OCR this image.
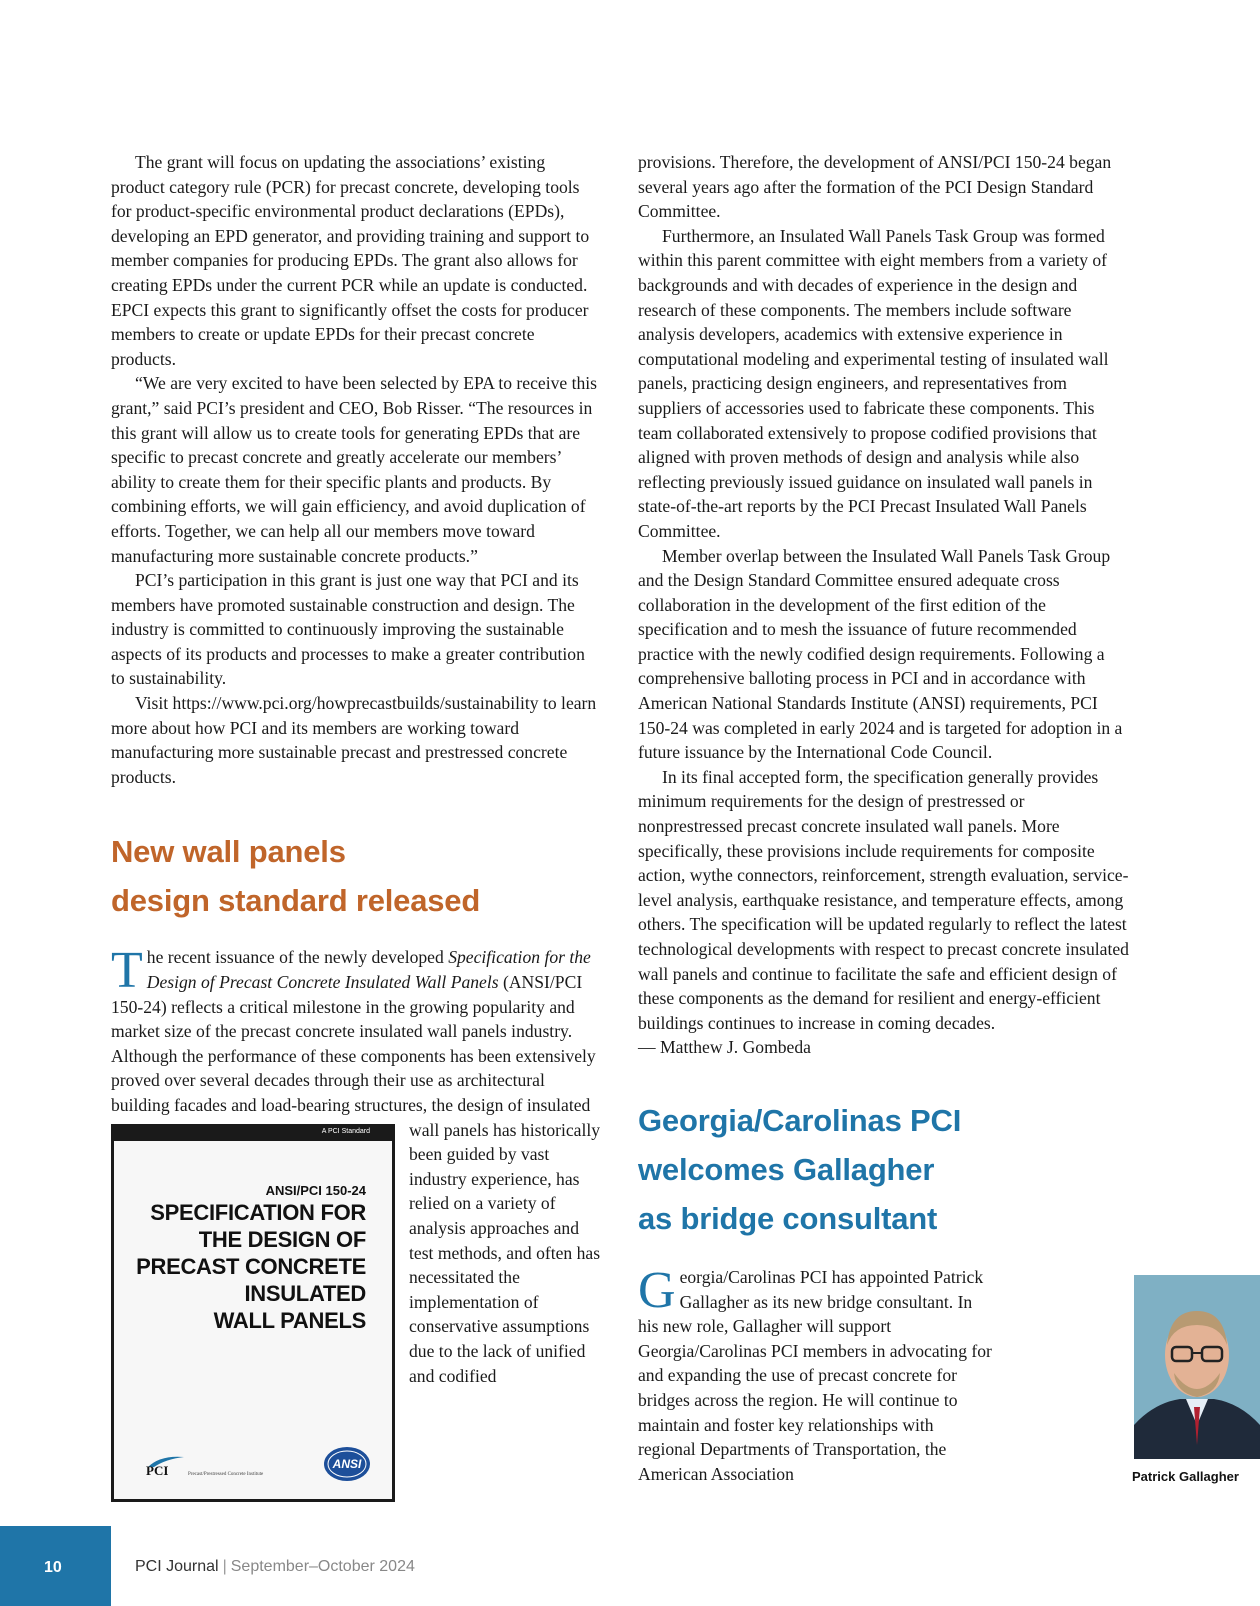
The grant will focus on updating the associations’ existing product category rule (PCR) for precast concrete, developing tools for product-specific environmental product declarations (EPDs), developing an EPD generator, and providing training and support to member companies for producing EPDs. The grant also allows for creating EPDs under the current PCR while an update is conducted. EPCI expects this grant to significantly offset the costs for producer members to create or update EPDs for their precast concrete products.

“We are very excited to have been selected by EPA to receive this grant,” said PCI’s president and CEO, Bob Risser. “The resources in this grant will allow us to create tools for generating EPDs that are specific to precast concrete and greatly accelerate our members’ ability to create them for their specific plants and products. By combining efforts, we will gain efficiency, and avoid duplication of efforts. Together, we can help all our members move toward manufacturing more sustainable concrete products.”

PCI’s participation in this grant is just one way that PCI and its members have promoted sustainable construction and design. The industry is committed to continuously improving the sustainable aspects of its products and processes to make a greater contribution to sustainability.

Visit https://www.pci.org/howprecastbuilds/sustainability to learn more about how PCI and its members are working toward manufacturing more sustainable precast and prestressed concrete products.

New wall panels
design standard released

The recent issuance of the newly developed Specification for the Design of Precast Concrete Insulated Wall Panels (ANSI/PCI 150-24) reflects a critical milestone in the growing popularity and market size of the precast concrete insulated wall panels industry. Although the performance of these components has been extensively proved over several decades through their use as architectural building facades and load-bearing structures, the design of insulated
wall panels has historically been guided by vast industry experience, has relied on a variety of analysis approaches and test methods, and often has necessitated the implementation of conservative assumptions due to the lack of unified and codified

provisions. Therefore, the development of ANSI/PCI 150-24 began several years ago after the formation of the PCI Design Standard Committee.

Furthermore, an Insulated Wall Panels Task Group was formed within this parent committee with eight members from a variety of backgrounds and with decades of experience in the design and research of these components. The members include software analysis developers, academics with extensive experience in computational modeling and experimental testing of insulated wall panels, practicing design engineers, and representatives from suppliers of accessories used to fabricate these components. This team collaborated extensively to propose codified provisions that aligned with proven methods of design and analysis while also reflecting previously issued guidance on insulated wall panels in state-of-the-art reports by the PCI Precast Insulated Wall Panels Committee.

Member overlap between the Insulated Wall Panels Task Group and the Design Standard Committee ensured adequate cross collaboration in the development of the first edition of the specification and to mesh the issuance of future recommended practice with the newly codified design requirements. Following a comprehensive balloting process in PCI and in accordance with American National Standards Institute (ANSI) requirements, PCI 150-24 was completed in early 2024 and is targeted for adoption in a future issuance by the International Code Council.

In its final accepted form, the specification generally provides minimum requirements for the design of prestressed or nonprestressed precast concrete insulated wall panels. More specifically, these provisions include requirements for composite action, wythe connectors, reinforcement, strength evaluation, service-level analysis, earthquake resistance, and temperature effects, among others. The specification will be updated regularly to reflect the latest technological developments with respect to precast concrete insulated wall panels and continue to facilitate the safe and efficient design of these components as the demand for resilient and energy-efficient buildings continues to increase in coming decades.

— Matthew J. Gombeda

Georgia/Carolinas PCI
welcomes Gallagher
as bridge consultant
Patrick Gallagher

Georgia/Carolinas PCI has appointed Patrick Gallagher as its new bridge consultant. In his new role, Gallagher will support Georgia/Carolinas PCI members in advocating for and expanding the use of precast concrete for bridges across the region. He will continue to maintain and foster key relationships with regional Departments of Transportation, the American Association

A PCI Standard
ANSI/PCI 150-24
SPECIFICATION FOR
THE DESIGN OF
PRECAST CONCRETE
INSULATED
WALL PANELS
PCI	Precast/Prestressed Concrete Institute
ANSI
10	PCI Journal | September–October 2024
